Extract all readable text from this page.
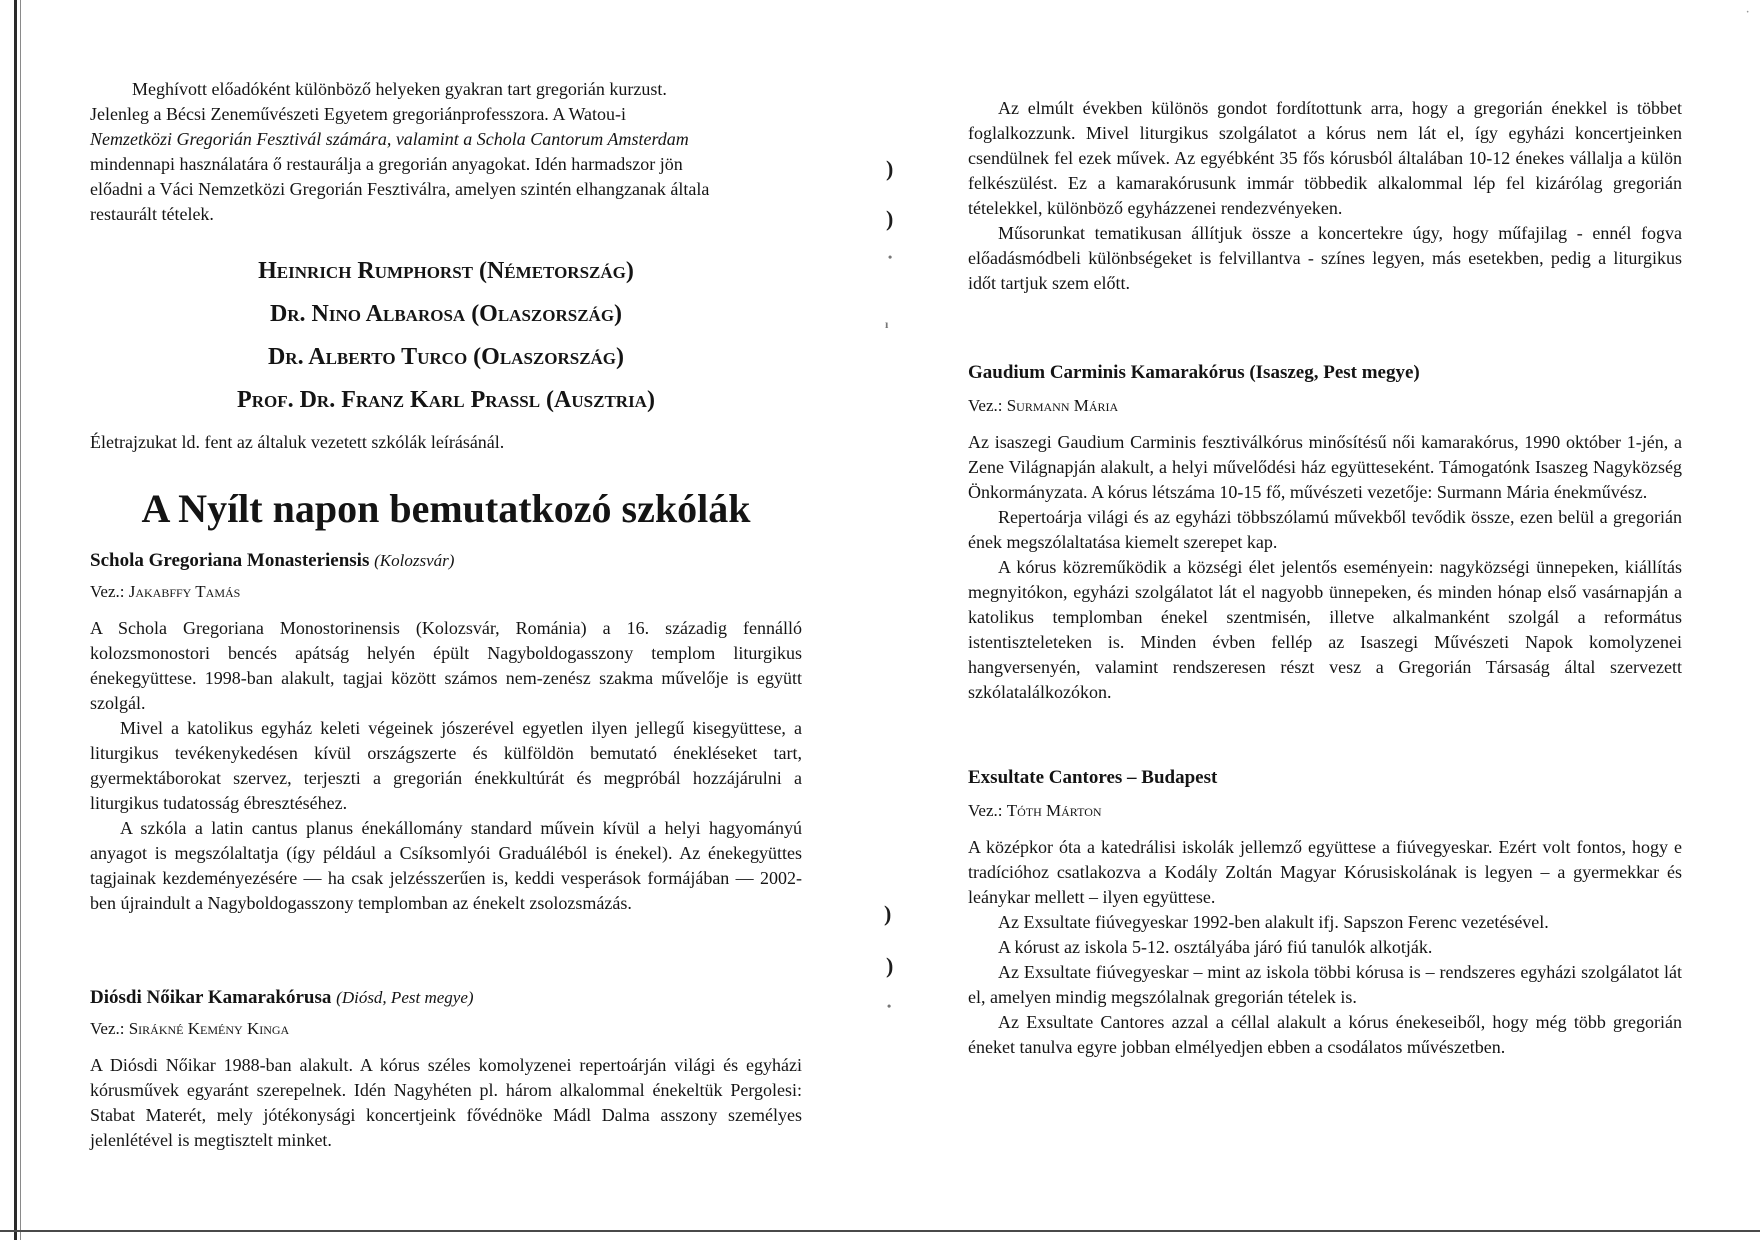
)
)
•
ı
)
)
•
·

Meghívott előadóként különböző helyeken gyakran tart gregorián kurzust.
Jelenleg a Bécsi Zeneművészeti Egyetem gregoriánprofesszora. A Watou-i
Nemzetközi Gregorián Fesztivál számára, valamint a Schola Cantorum Amsterdam
mindennapi használatára ő restaurálja a gregorián anyagokat. Idén harmadszor jön
előadni a Váci Nemzetközi Gregorián Fesztiválra, amelyen szintén elhangzanak általa
restaurált tételek.

Heinrich Rumphorst (Németország)
Dr. Nino Albarosa (Olaszország)
Dr. Alberto Turco (Olaszország)
Prof. Dr. Franz Karl Prassl (Ausztria)

Életrajzukat ld. fent az általuk vezetett szkólák leírásánál.

A Nyílt napon bemutatkozó szkólák
Schola Gregoriana Monasteriensis (Kolozsvár)
Vez.: Jakabffy Tamás

A Schola Gregoriana Monostorinensis (Kolozsvár, Románia) a 16. századig fennálló kolozsmonostori bencés apátság helyén épült Nagyboldogasszony templom liturgikus énekegyüttese. 1998-ban alakult, tagjai között számos nem-zenész szakma művelője is együtt szolgál.

Mivel a katolikus egyház keleti végeinek jószerével egyetlen ilyen jellegű kisegyüttese, a liturgikus tevékenykedésen kívül országszerte és külföldön bemutató énekléseket tart, gyermektáborokat szervez, terjeszti a gregorián énekkultúrát és megpróbál hozzájárulni a liturgikus tudatosság ébresztéséhez.

A szkóla a latin cantus planus énekállomány standard művein kívül a helyi hagyományú anyagot is megszólaltatja (így például a Csíksomlyói Graduáléból is énekel). Az énekegyüttes tagjainak kezdeményezésére — ha csak jelzésszerűen is, keddi vesperások formájában — 2002-ben újraindult a Nagyboldogasszony templomban az énekelt zsolozsmázás.

Diósdi Nőikar Kamarakórusa (Diósd, Pest megye)
Vez.: Sirákné Kemény Kinga

A Diósdi Nőikar 1988-ban alakult. A kórus széles komolyzenei repertoárján világi és egyházi kórusművek egyaránt szerepelnek. Idén Nagyhéten pl. három alkalommal énekeltük Pergolesi: Stabat Materét, mely jótékonysági koncertjeink fővédnöke Mádl Dalma asszony személyes jelenlétével is megtisztelt minket.

Az elmúlt években különös gondot fordítottunk arra, hogy a gregorián énekkel is többet foglalkozzunk. Mivel liturgikus szolgálatot a kórus nem lát el, így egyházi koncertjeinken csendülnek fel ezek művek. Az egyébként 35 fős kórusból általában 10-12 énekes vállalja a külön felkészülést. Ez a kamarakórusunk immár többedik alkalommal lép fel kizárólag gregorián tételekkel, különböző egyházzenei rendezvényeken.

Műsorunkat tematikusan állítjuk össze a koncertekre úgy, hogy műfajilag - ennél fogva előadásmódbeli különbségeket is felvillantva - színes legyen, más esetekben, pedig a liturgikus időt tartjuk szem előtt.

Gaudium Carminis Kamarakórus (Isaszeg, Pest megye)
Vez.: Surmann Mária

Az isaszegi Gaudium Carminis fesztiválkórus minősítésű női kamarakórus, 1990 október 1-jén, a Zene Világnapján alakult, a helyi művelődési ház együtteseként. Támogatónk Isaszeg Nagyközség Önkormányzata. A kórus létszáma 10-15 fő, művészeti vezetője: Surmann Mária énekművész.

Repertoárja világi és az egyházi többszólamú művekből tevődik össze, ezen belül a gregorián ének megszólaltatása kiemelt szerepet kap.

A kórus közreműködik a községi élet jelentős eseményein: nagyközségi ünnepeken, kiállítás megnyitókon, egyházi szolgálatot lát el nagyobb ünnepeken, és minden hónap első vasárnapján a katolikus templomban énekel szentmisén, illetve alkalmanként szolgál a református istentiszteleteken is. Minden évben fellép az Isaszegi Művészeti Napok komolyzenei hangversenyén, valamint rendszeresen részt vesz a Gregorián Társaság által szervezett szkólatalálkozókon.

Exsultate Cantores – Budapest
Vez.: Tóth Márton

A középkor óta a katedrálisi iskolák jellemző együttese a fiúvegyeskar. Ezért volt fontos, hogy e tradícióhoz csatlakozva a Kodály Zoltán Magyar Kórusiskolának is legyen – a gyermekkar és leánykar mellett – ilyen együttese.

Az Exsultate fiúvegyeskar 1992-ben alakult ifj. Sapszon Ferenc vezetésével.

A kórust az iskola 5-12. osztályába járó fiú tanulók alkotják.

Az Exsultate fiúvegyeskar – mint az iskola többi kórusa is – rendszeres egyházi szolgálatot lát el, amelyen mindig megszólalnak gregorián tételek is.

Az Exsultate Cantores azzal a céllal alakult a kórus énekeseiből, hogy még több gregorián éneket tanulva egyre jobban elmélyedjen ebben a csodálatos művészetben.
